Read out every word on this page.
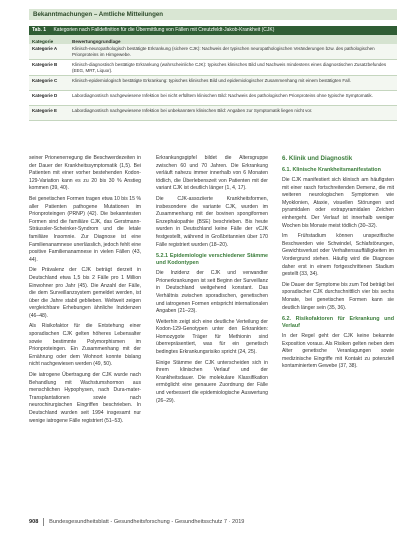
Bekanntmachungen – Amtliche Mitteilungen
Tab. 1 Kategorien nach Falldefinition für die Übermittlung von Fällen mit Creutzfeldt-Jakob-Krankheit (CJK)
Kategorie	Bewertungsgrundlage
Kategorie A	Klinisch-neuropathologisch bestätigte Erkrankung (sichere CJK): Nachweis der typischen neuropathologischen Veränderungen bzw. des pathologischen Prionproteins im Hirngewebe.
Kategorie B	Klinisch-diagnostisch bestätigte Erkrankung (wahrscheinliche CJK): typisches klinisches Bild und Nachweis mindestens eines diagnostischen Zusatzbefundes (EEG, MRT, Liquor).
Kategorie C	Klinisch-epidemiologisch bestätigte Erkrankung: typisches klinisches Bild und epidemiologischer Zusammenhang mit einem bestätigten Fall.
Kategorie D	Labordiagnostisch nachgewiesene Infektion bei nicht erfülltem klinischen Bild: Nachweis des pathologischen Prionproteins ohne typische Symptomatik.
Kategorie E	Labordiagnostisch nachgewiesene Infektion bei unbekanntem klinischen Bild: Angaben zur Symptomatik liegen nicht vor.

seiner Prionenerregung die Beschwerdezeiten in der Dauer der Krankheitssymptomatik (1,5). Bei Patienten mit einer vorher bestehenden Kodon-129-Variation kann es zu 20 bis 30 % Anstieg kommen (39, 40).

Bei genetischen Formen tragen etwa 10 bis 15 % aller Patienten pathogene Mutationen im Prionproteingen (PRNP) (42). Die bekanntesten Formen sind die familiäre CJK, das Gerstmann-Sträussler-Scheinker-Syndrom und die letale familiäre Insomnie. Zur Diagnose ist eine Familienanamnese unerlässlich, jedoch fehlt eine positive Familienanamnese in vielen Fällen (43, 44).

Die Prävalenz der CJK beträgt derzeit in Deutschland etwa 1,5 bis 2 Fälle pro 1 Million Einwohner pro Jahr (45). Die Anzahl der Fälle, die dem Surveillanzsystem gemeldet werden, ist über die Jahre stabil geblieben. Weltweit zeigen vergleichbare Erhebungen ähnliche Inzidenzen (46–48).

Als Risikofaktor für die Entstehung einer sporadischen CJK gelten höheres Lebensalter sowie bestimmte Polymorphismen im Prionproteingen. Ein Zusammenhang mit der Ernährung oder dem Wohnort konnte bislang nicht nachgewiesen werden (49, 50).

Die iatrogene Übertragung der CJK wurde nach Behandlung mit Wachstumshormon aus menschlichen Hypophysen, nach Dura-mater-Transplantationen sowie nach neurochirurgischen Eingriffen beschrieben. In Deutschland wurden seit 1994 insgesamt nur wenige iatrogene Fälle registriert (51–53).

Erkrankungsgipfel bildet die Altersgruppe zwischen 60 und 70 Jahren. Die Erkrankung verläuft nahezu immer innerhalb von 6 Monaten tödlich, die Überlebenszeit von Patienten mit der variant CJK ist deutlich länger (1, 4, 17).

Die CJK-assoziierte Krankheitsformen, insbesondere die variante CJK, wurden im Zusammenhang mit der bovinen spongiformen Enzephalopathie (BSE) beschrieben. Bis heute wurden in Deutschland keine Fälle der vCJK festgestellt, während in Großbritannien über 170 Fälle registriert wurden (18–20).

5.2.1 Epidemiologie verschiedener Stämme und Kodontypen

Die Inzidenz der CJK und verwandter Prionerkrankungen ist seit Beginn der Surveillanz in Deutschland weitgehend konstant. Das Verhältnis zwischen sporadischen, genetischen und iatrogenen Formen entspricht internationalen Angaben (21–23).

Weiterhin zeigt sich eine deutliche Verteilung der Kodon-129-Genotypen unter den Erkrankten: Homozygote Träger für Methionin sind überrepräsentiert, was für ein genetisch bedingtes Erkrankungsrisiko spricht (24, 25).

Einige Stämme der CJK unterscheiden sich in ihrem klinischen Verlauf und der Krankheitsdauer. Die molekulare Klassifikation ermöglicht eine genauere Zuordnung der Fälle und verbessert die epidemiologische Auswertung (26–29).

6. Klinik und Diagnostik
6.1. Klinische Krankheitsmanifestation

Die CJK manifestiert sich klinisch am häufigsten mit einer rasch fortschreitenden Demenz, die mit weiteren neurologischen Symptomen wie Myoklonien, Ataxie, visuellen Störungen und pyramidalen oder extrapyramidalen Zeichen einhergeht. Der Verlauf ist innerhalb weniger Wochen bis Monate meist tödlich (30–32).

Im Frühstadium können unspezifische Beschwerden wie Schwindel, Schlafstörungen, Gewichtsverlust oder Verhaltensauffälligkeiten im Vordergrund stehen. Häufig wird die Diagnose daher erst in einem fortgeschrittenen Stadium gestellt (33, 34).

Die Dauer der Symptome bis zum Tod beträgt bei sporadischer CJK durchschnittlich vier bis sechs Monate, bei genetischen Formen kann sie deutlich länger sein (35, 36).

6.2. Risikofaktoren für Erkrankung und Verlauf

In der Regel geht der CJK keine bekannte Exposition voraus. Als Risiken gelten neben dem Alter genetische Veranlagungen sowie medizinische Eingriffe mit Kontakt zu potenziell kontaminiertem Gewebe (37, 38).

908 Bundesgesundheitsblatt - Gesundheitsforschung - Gesundheitsschutz 7 · 2019
